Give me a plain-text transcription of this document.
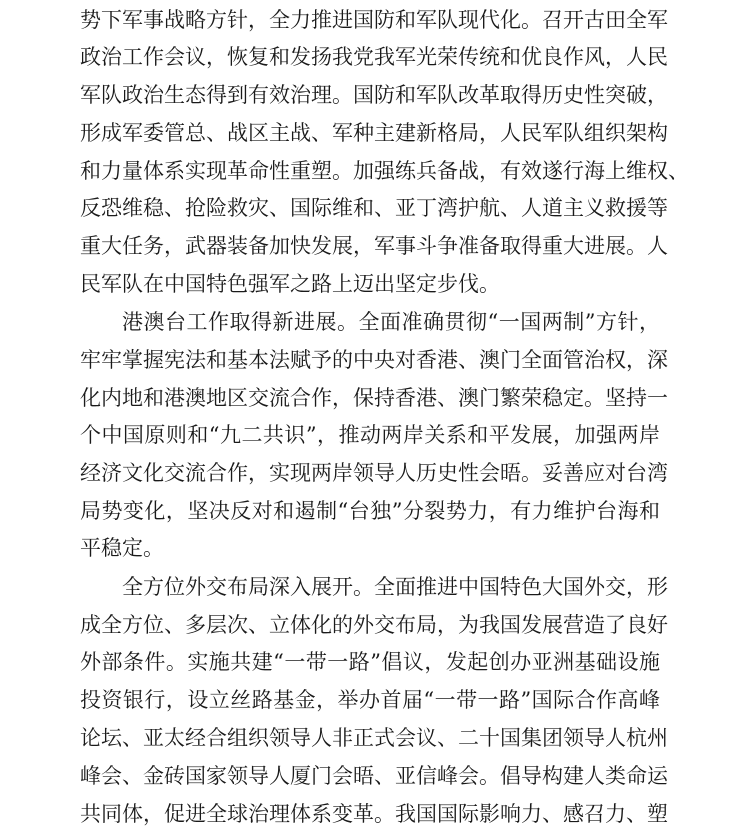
势下军事战略方针，全力推进国防和军队现代化。召开古田全军
政治工作会议，恢复和发扬我党我军光荣传统和优良作风，人民
军队政治生态得到有效治理。国防和军队改革取得历史性突破，
形成军委管总、战区主战、军种主建新格局，人民军队组织架构
和力量体系实现革命性重塑。加强练兵备战，有效遂行海上维权、
反恐维稳、抢险救灾、国际维和、亚丁湾护航、人道主义救援等
重大任务，武器装备加快发展，军事斗争准备取得重大进展。人
民军队在中国特色强军之路上迈出坚定步伐。
港澳台工作取得新进展。全面准确贯彻“一国两制”方针，
牢牢掌握宪法和基本法赋予的中央对香港、澳门全面管治权，深
化内地和港澳地区交流合作，保持香港、澳门繁荣稳定。坚持一
个中国原则和“九二共识”，推动两岸关系和平发展，加强两岸
经济文化交流合作，实现两岸领导人历史性会晤。妥善应对台湾
局势变化，坚决反对和遏制“台独”分裂势力，有力维护台海和
平稳定。
全方位外交布局深入展开。全面推进中国特色大国外交，形
成全方位、多层次、立体化的外交布局，为我国发展营造了良好
外部条件。实施共建“一带一路”倡议，发起创办亚洲基础设施
投资银行，设立丝路基金，举办首届“一带一路”国际合作高峰
论坛、亚太经合组织领导人非正式会议、二十国集团领导人杭州
峰会、金砖国家领导人厦门会晤、亚信峰会。倡导构建人类命运
共同体，促进全球治理体系变革。我国国际影响力、感召力、塑
